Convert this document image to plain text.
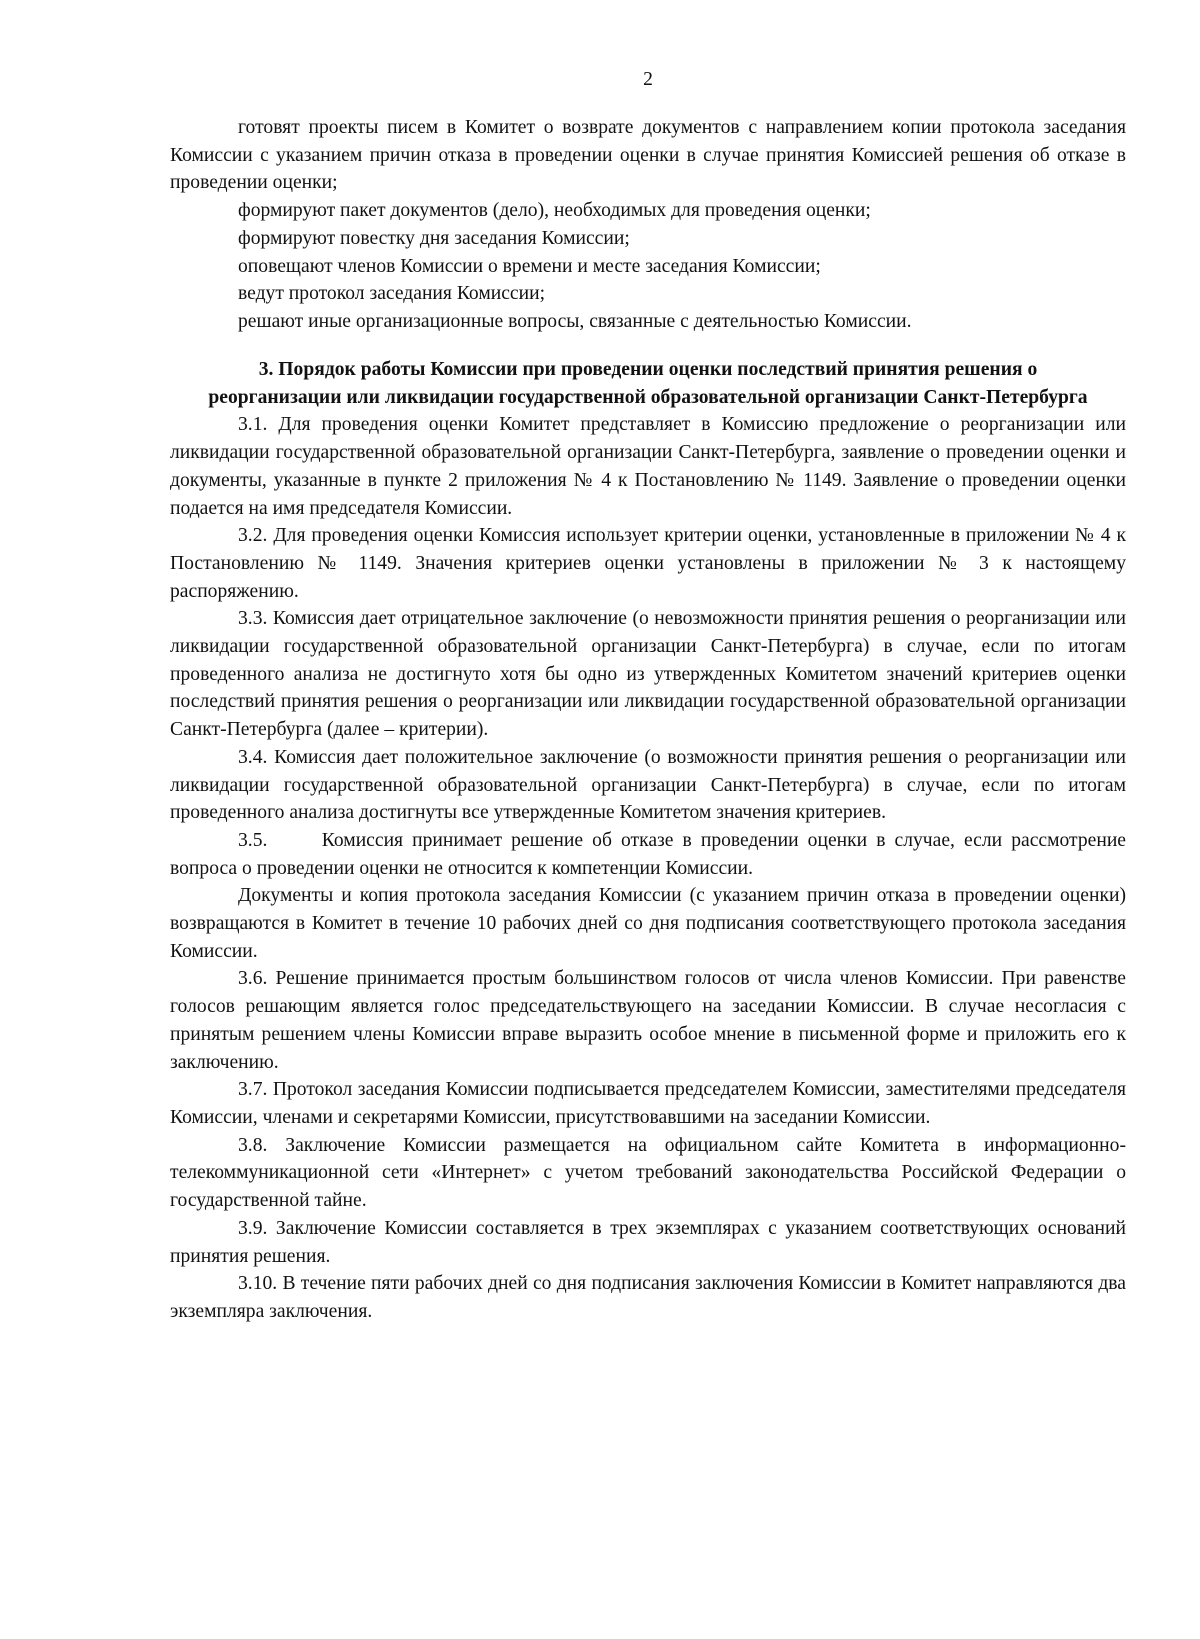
2

готовят проекты писем в Комитет о возврате документов с направлением копии протокола заседания Комиссии с указанием причин отказа в проведении оценки в случае принятия Комиссией решения об отказе в проведении оценки;

формируют пакет документов (дело), необходимых для проведения оценки;
формируют повестку дня заседания Комиссии;
оповещают членов Комиссии о времени и месте заседания Комиссии;
ведут протокол заседания Комиссии;
решают иные организационные вопросы, связанные с деятельностью Комиссии.
3. Порядок работы Комиссии при проведении оценки последствий принятия решения о реорганизации или ликвидации государственной образовательной организации Санкт-Петербурга

3.1. Для проведения оценки Комитет представляет в Комиссию предложение о реорганизации или ликвидации государственной образовательной организации Санкт-Петербурга, заявление о проведении оценки и документы, указанные в пункте 2 приложения № 4 к Постановлению № 1149. Заявление о проведении оценки подается на имя председателя Комиссии.

3.2. Для проведения оценки Комиссия использует критерии оценки, установленные в приложении № 4 к Постановлению № 1149. Значения критериев оценки установлены в приложении № 3 к настоящему распоряжению.

3.3. Комиссия дает отрицательное заключение (о невозможности принятия решения о реорганизации или ликвидации государственной образовательной организации Санкт-Петербурга) в случае, если по итогам проведенного анализа не достигнуто хотя бы одно из утвержденных Комитетом значений критериев оценки последствий принятия решения о реорганизации или ликвидации государственной образовательной организации Санкт-Петербурга (далее – критерии).

3.4. Комиссия дает положительное заключение (о возможности принятия решения о реорганизации или ликвидации государственной образовательной организации Санкт-Петербурга) в случае, если по итогам проведенного анализа достигнуты все утвержденные Комитетом значения критериев.

3.5.      Комиссия принимает решение об отказе в проведении оценки в случае, если рассмотрение вопроса о проведении оценки не относится к компетенции Комиссии.

Документы и копия протокола заседания Комиссии (с указанием причин отказа в проведении оценки) возвращаются в Комитет в течение 10 рабочих дней со дня подписания соответствующего протокола заседания Комиссии.

3.6. Решение принимается простым большинством голосов от числа членов Комиссии. При равенстве голосов решающим является голос председательствующего на заседании Комиссии. В случае несогласия с принятым решением члены Комиссии вправе выразить особое мнение в письменной форме и приложить его к заключению.

3.7. Протокол заседания Комиссии подписывается председателем Комиссии, заместителями председателя Комиссии, членами и секретарями Комиссии, присутствовавшими на заседании Комиссии.

3.8. Заключение Комиссии размещается на официальном сайте Комитета в информационно-телекоммуникационной сети «Интернет» с учетом требований законодательства Российской Федерации о государственной тайне.

3.9. Заключение Комиссии составляется в трех экземплярах с указанием соответствующих оснований принятия решения.

3.10. В течение пяти рабочих дней со дня подписания заключения Комиссии в Комитет направляются два экземпляра заключения.
